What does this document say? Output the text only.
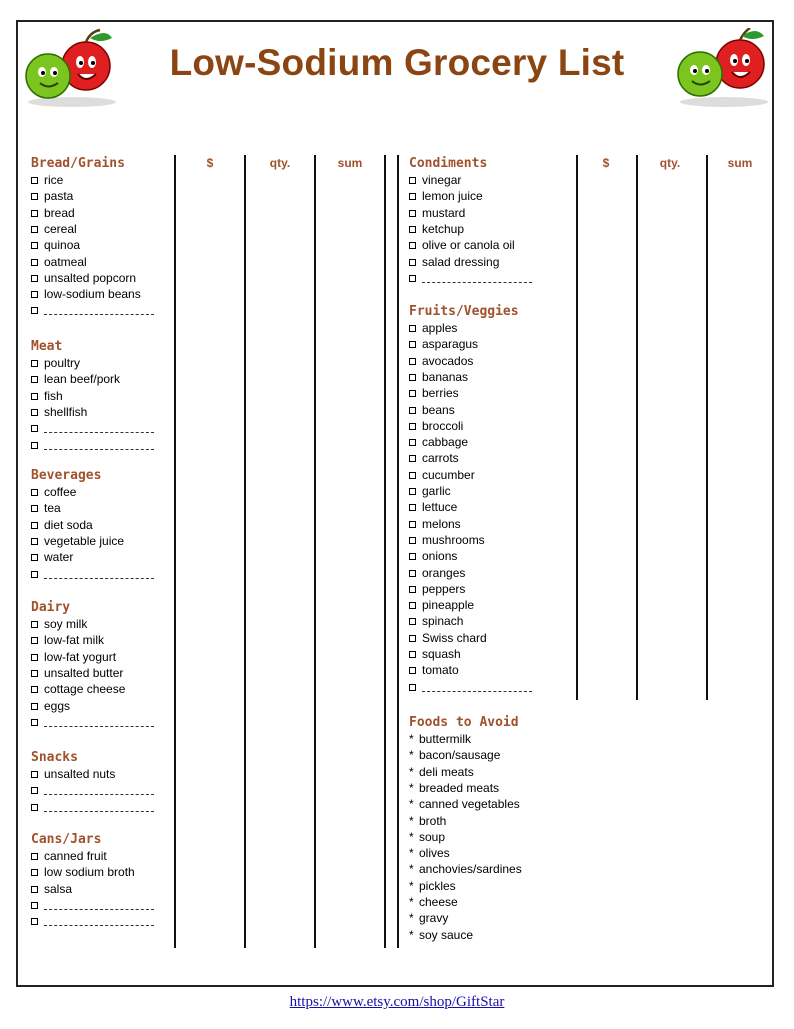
Low-Sodium Grocery List
$	qty.	sum	$	qty.	sum
Bread/Grains
rice
pasta
bread
cereal
quinoa
oatmeal
unsalted popcorn
low-sodium beans
Meat
poultry
lean beef/pork
fish
shellfish
Beverages
coffee
tea
diet soda
vegetable juice
water
Dairy
soy milk
low-fat milk
low-fat yogurt
unsalted butter
cottage cheese
eggs
Snacks
unsalted nuts
Cans/Jars
canned fruit
low sodium broth
salsa
Condiments
vinegar
lemon juice
mustard
ketchup
olive or canola oil
salad dressing
Fruits/Veggies
apples
asparagus
avocados
bananas
berries
beans
broccoli
cabbage
carrots
cucumber
garlic
lettuce
melons
mushrooms
onions
oranges
peppers
pineapple
spinach
Swiss chard
squash
tomato
Foods to Avoid
* buttermilk
* bacon/sausage
* deli meats
* breaded meats
* canned vegetables
* broth
* soup
* olives
* anchovies/sardines
* pickles
* cheese
* gravy
* soy sauce
https://www.etsy.com/shop/GiftStar
